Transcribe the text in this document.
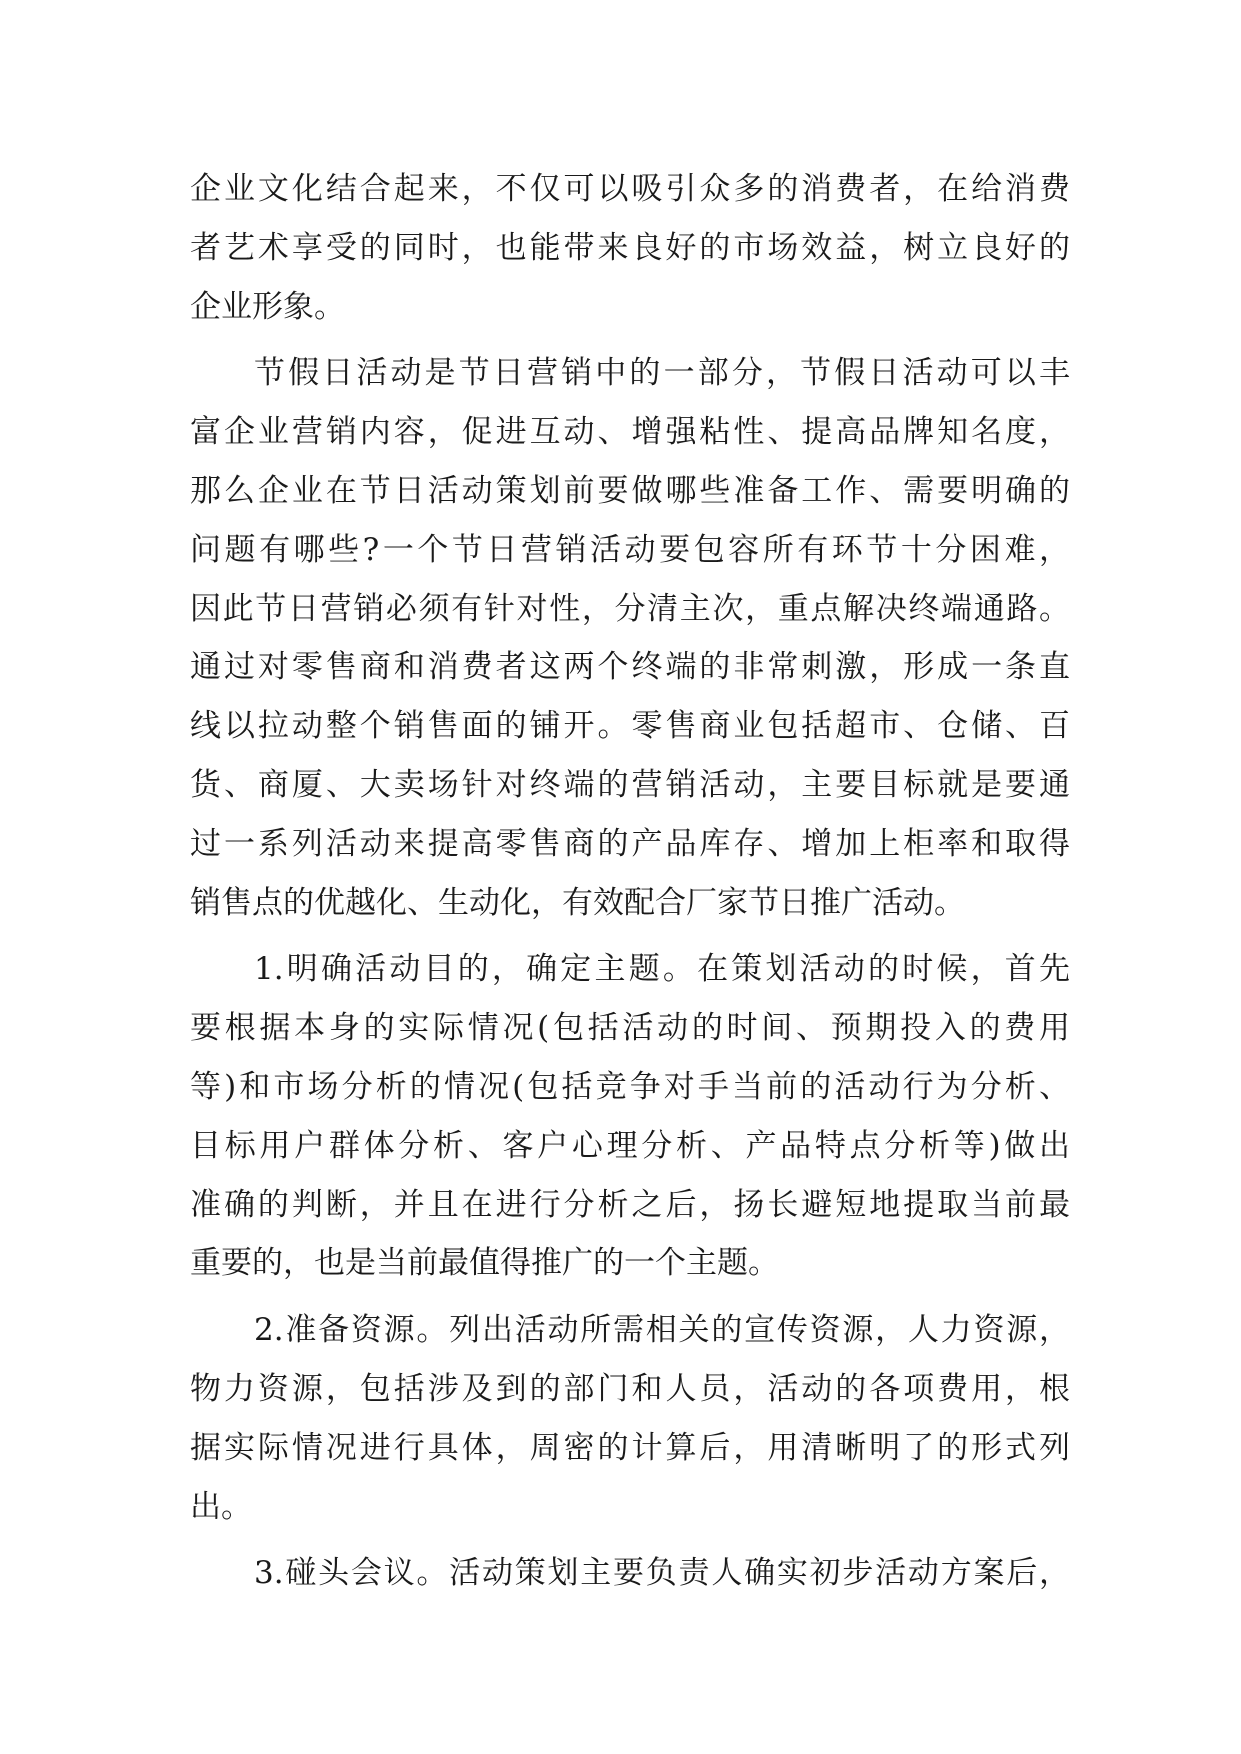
企业文化结合起来，不仅可以吸引众多的消费者，在给消费
者艺术享受的同时，也能带来良好的市场效益，树立良好的
企业形象。
节假日活动是节日营销中的一部分，节假日活动可以丰
富企业营销内容，促进互动、增强粘性、提高品牌知名度，
那么企业在节日活动策划前要做哪些准备工作、需要明确的
问题有哪些?一个节日营销活动要包容所有环节十分困难，
因此节日营销必须有针对性，分清主次，重点解决终端通路。
通过对零售商和消费者这两个终端的非常刺激，形成一条直
线以拉动整个销售面的铺开。零售商业包括超市、仓储、百
货、商厦、大卖场针对终端的营销活动，主要目标就是要通
过一系列活动来提高零售商的产品库存、增加上柜率和取得
销售点的优越化、生动化，有效配合厂家节日推广活动。
1.明确活动目的，确定主题。在策划活动的时候，首先
要根据本身的实际情况(包括活动的时间、预期投入的费用
等)和市场分析的情况(包括竞争对手当前的活动行为分析、
目标用户群体分析、客户心理分析、产品特点分析等)做出
准确的判断，并且在进行分析之后，扬长避短地提取当前最
重要的，也是当前最值得推广的一个主题。
2.准备资源。列出活动所需相关的宣传资源，人力资源，
物力资源，包括涉及到的部门和人员，活动的各项费用，根
据实际情况进行具体，周密的计算后，用清晰明了的形式列
出。
3.碰头会议。活动策划主要负责人确实初步活动方案后，
